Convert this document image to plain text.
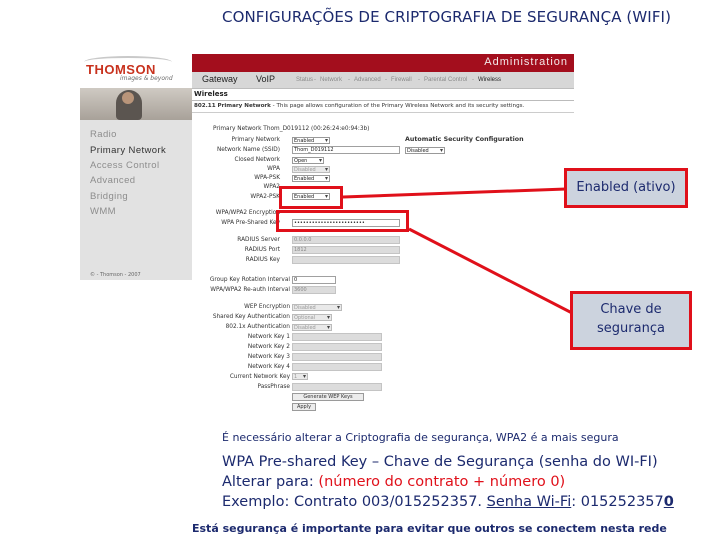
CONFIGURAÇÕES DE CRIPTOGRAFIA DE SEGURANÇA (WIFI)
THOMSON
images & beyond
Administration
Gateway VoIP	Status - Network - Advanced - Firewall - Parental Control - Wireless
Radio
Primary Network
Access Control
Advanced
Bridging
WMM
© - Thomson - 2007
Wireless
802.11 Primary Network - This page allows configuration of the Primary Wireless Network and its security settings.
Primary Network Thom_D019112 (00:26:24:e0:94:3b)
Primary Network	Enabled ▾	Automatic Security Configuration
Disabled ▾
Network Name (SSID)	Thom_D019112
Closed Network	Open ▾
WPA	Disabled ▾
WPA-PSK	Enabled ▾
WPA2
WPA2-PSK	Enabled ▾
WPA/WPA2 Encryption
WPA Pre-Shared Key	••••••••••••••••••••••••
RADIUS Server	0.0.0.0
RADIUS Port	1812
RADIUS Key
Group Key Rotation Interval 0
WPA/WPA2 Re-auth Interval 3600
WEP Encryption Disabled ▾
Shared Key Authentication Optional ▾
802.1x Authentication Disabled ▾
Network Key 1
Network Key 2
Network Key 3
Network Key 4
Current Network Key 1 ▾
PassPhrase
Generate WEP Keys
Apply
Enabled (ativo)
Chave de segurança
É necessário alterar a Criptografia de segurança, WPA2 é a mais segura
WPA Pre-shared Key – Chave de Segurança (senha do WI-FI)
Alterar para: (número do contrato + número 0)
Exemplo: Contrato 003/015252357. Senha Wi-Fi: 0152523570
Está segurança é importante para evitar que outros se conectem nesta rede
